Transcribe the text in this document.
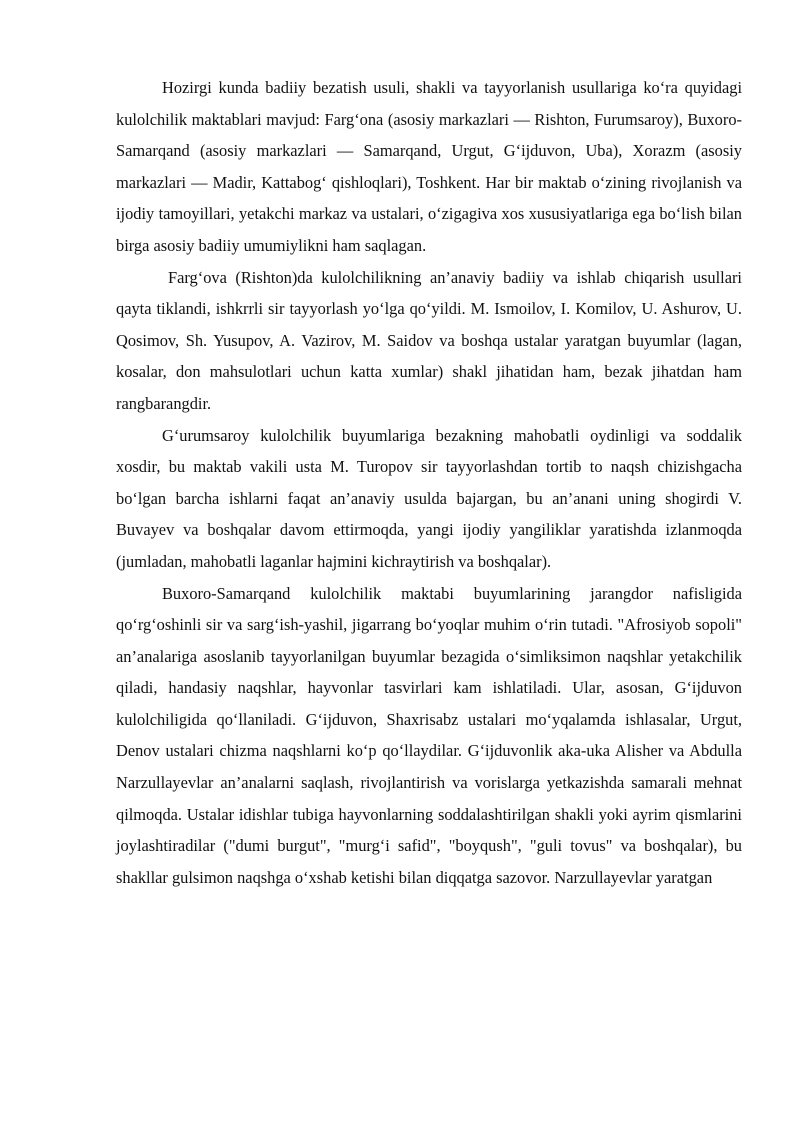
Hozirgi kunda badiiy bezatish usuli, shakli va tayyorlanish usullariga ko‘ra quyidagi kulolchilik maktablari mavjud: Farg‘ona (asosiy markazlari — Rishton, Furumsaroy), Buxoro-Samarqand (asosiy markazlari — Samarqand, Urgut, G‘ijduvon, Uba), Xorazm (asosiy markazlari — Madir, Kattabog‘ qishloqlari), Toshkent. Har bir maktab o‘zining rivojlanish va ijodiy tamoyillari, yetakchi markaz va ustalari, o‘zigagiva xos xususiyatlariga ega bo‘lish bilan birga asosiy badiiy umumiylikni ham saqlagan.

Farg‘ova (Rishton)da kulolchilikning an’anaviy badiiy va ishlab chiqarish usullari qayta tiklandi, ishkrrli sir tayyorlash yo‘lga qo‘yildi. M. Ismoilov, I. Komilov, U. Ashurov, U. Qosimov, Sh. Yusupov, A. Vazirov, M. Saidov va boshqa ustalar yaratgan buyumlar (lagan, kosalar, don mahsulotlari uchun katta xumlar) shakl jihatidan ham, bezak jihatdan ham rangbarangdir.

G‘urumsaroy kulolchilik buyumlariga bezakning mahobatli oydinligi va soddalik xosdir, bu maktab vakili usta M. Turopov sir tayyorlashdan tortib to naqsh chizishgacha bo‘lgan barcha ishlarni faqat an’anaviy usulda bajargan, bu an’anani uning shogirdi V. Buvayev va boshqalar davom ettirmoqda, yangi ijodiy yangiliklar yaratishda izlanmoqda (jumladan, mahobatli laganlar hajmini kichraytirish va boshqalar).

Buxoro-Samarqand kulolchilik maktabi buyumlarining jarangdor nafisligida qo‘rg‘oshinli sir va sarg‘ish-yashil, jigarrang bo‘yoqlar muhim o‘rin tutadi. "Afrosiyob sopoli" an’analariga asoslanib tayyorlanilgan buyumlar bezagida o‘simliksimon naqshlar yetakchilik qiladi, handasiy naqshlar, hayvonlar tasvirlari kam ishlatiladi. Ular, asosan, G‘ijduvon kulolchiligida qo‘llaniladi. G‘ijduvon, Shaxrisabz ustalari mo‘yqalamda ishlasalar, Urgut, Denov ustalari chizma naqshlarni ko‘p qo‘llaydilar. G‘ijduvonlik aka-uka Alisher va Abdulla Narzullayevlar an’analarni saqlash, rivojlantirish va vorislarga yetkazishda samarali mehnat qilmoqda. Ustalar idishlar tubiga hayvonlarning soddalashtirilgan shakli yoki ayrim qismlarini joylashtiradilar ("dumi burgut", "murg‘i safid", "boyqush", "guli tovus" va boshqalar), bu shakllar gulsimon naqshga o‘xshab ketishi bilan diqqatga sazovor. Narzullayevlar yaratgan
